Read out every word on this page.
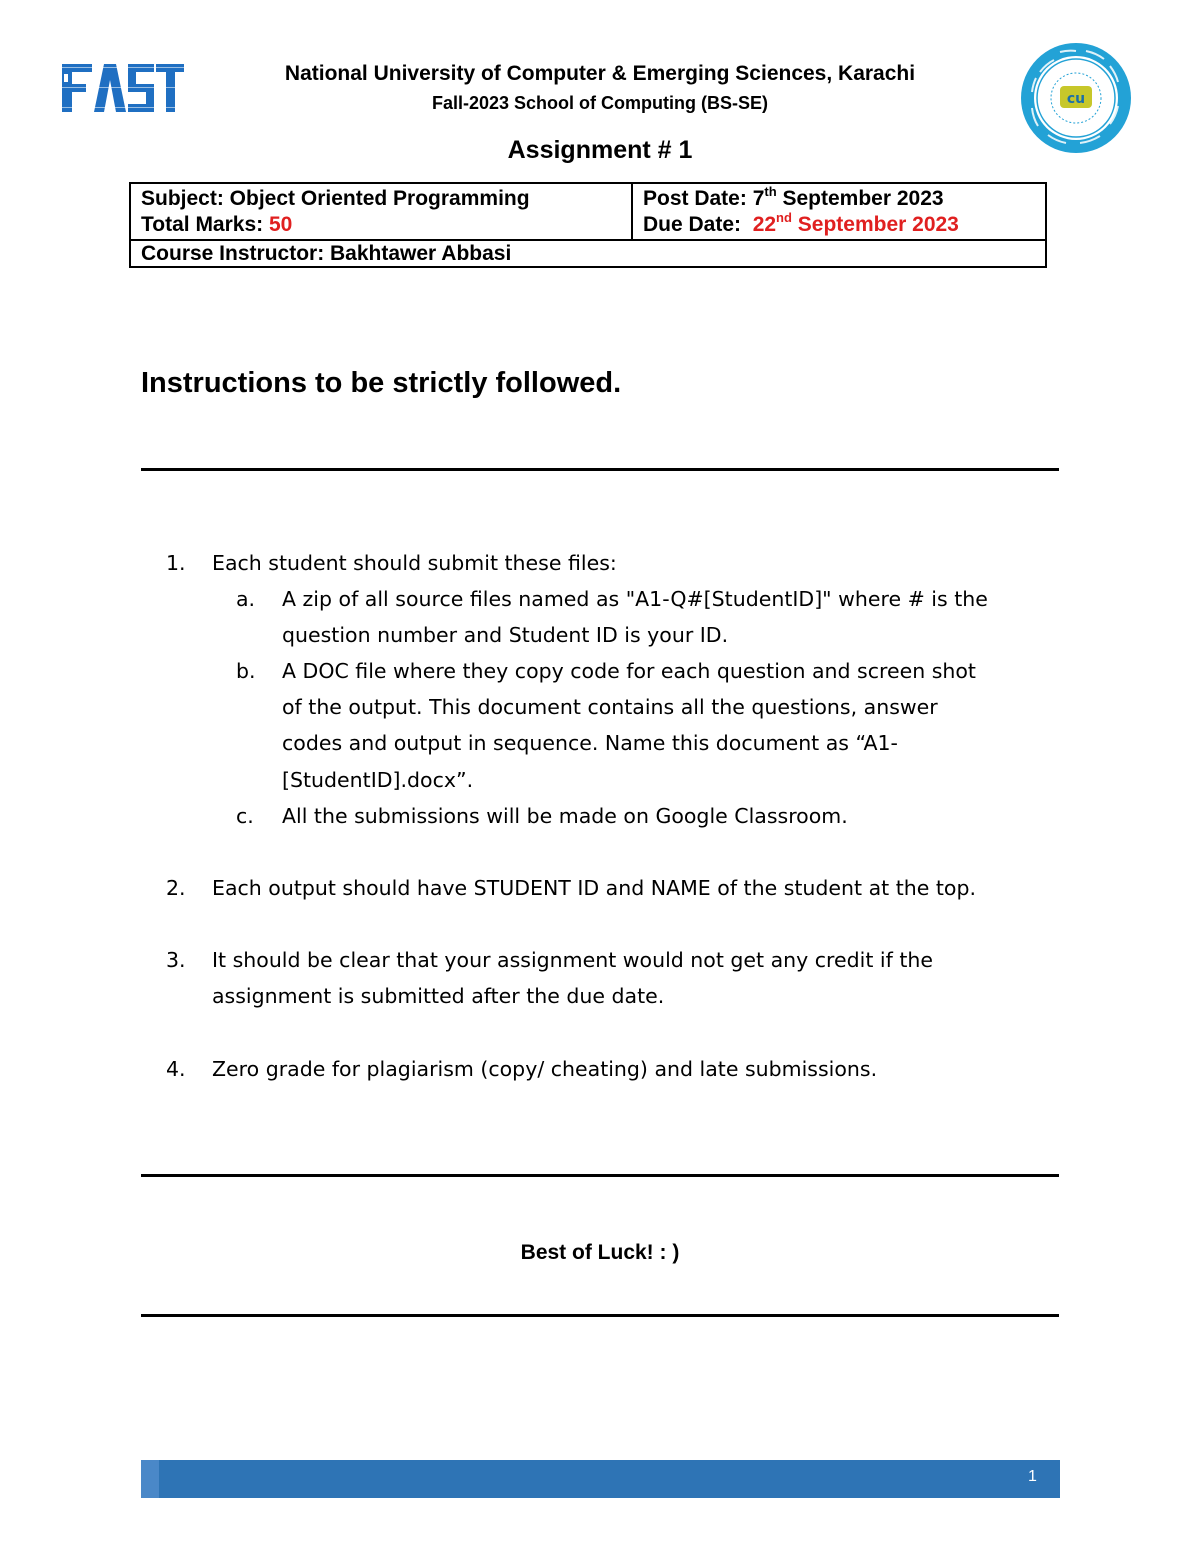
cu
National University of Computer & Emerging Sciences, Karachi
Fall-2023 School of Computing (BS-SE)
Assignment # 1
Subject: Object Oriented Programming
Total Marks: 50
Post Date: 7th September 2023
Due Date:  22nd September 2023
Course Instructor: Bakhtawer Abbasi
Instructions to be strictly followed.
1. Each student should submit these files:
a. A zip of all source files named as "A1-Q#[StudentID]" where # is the
question number and Student ID is your ID.
b. A DOC file where they copy code for each question and screen shot
of the output. This document contains all the questions, answer
codes and output in sequence. Name this document as “A1-
[StudentID].docx”.
c. All the submissions will be made on Google Classroom.
2. Each output should have STUDENT ID and NAME of the student at the top.
3. It should be clear that your assignment would not get any credit if the
assignment is submitted after the due date.
4. Zero grade for plagiarism (copy/ cheating) and late submissions.
Best of Luck! : )
1
